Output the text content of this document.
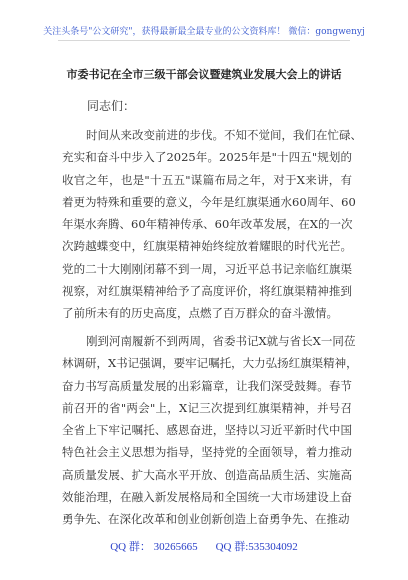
关注头条号"公文研究"，获得最新最全最专业的公文资料库！ 微信：gongwenyj
市委书记在全市三级干部会议暨建筑业发展大会上的讲话
同志们：
时间从来改变前进的步伐。不知不觉间，我们在忙碌、
充实和奋斗中步入了2025年。2025年是"十四五"规划的
收官之年，也是"十五五"谋篇布局之年，对于X来讲，有
着更为特殊和重要的意义，今年是红旗渠通水60周年、60
年渠水奔腾、60年精神传承、60年改革发展，在X的一次
次跨越蝶变中，红旗渠精神始终绽放着耀眼的时代光芒。
党的二十大刚刚闭幕不到一周，习近平总书记亲临红旗渠
视察，对红旗渠精神给予了高度评价，将红旗渠精神推到
了前所未有的历史高度，点燃了百万群众的奋斗激情。
刚到河南履新不到两周，省委书记X就与省长X一同莅
林调研，X书记强调，要牢记嘱托，大力弘扬红旗渠精神，
奋力书写高质量发展的出彩篇章，让我们深受鼓舞。春节
前召开的省"两会"上，X记三次提到红旗渠精神，并号召
全省上下牢记嘱托、感恩奋进，坚持以习近平新时代中国
特色社会主义思想为指导，坚持党的全面领导，着力推动
高质量发展、扩大高水平开放、创造高品质生活、实施高
效能治理，在融入新发展格局和全国统一大市场建设上奋
勇争先、在深化改革和创业创新创造上奋勇争先、在推动
QQ 群： 30265665 QQ 群:535304092
